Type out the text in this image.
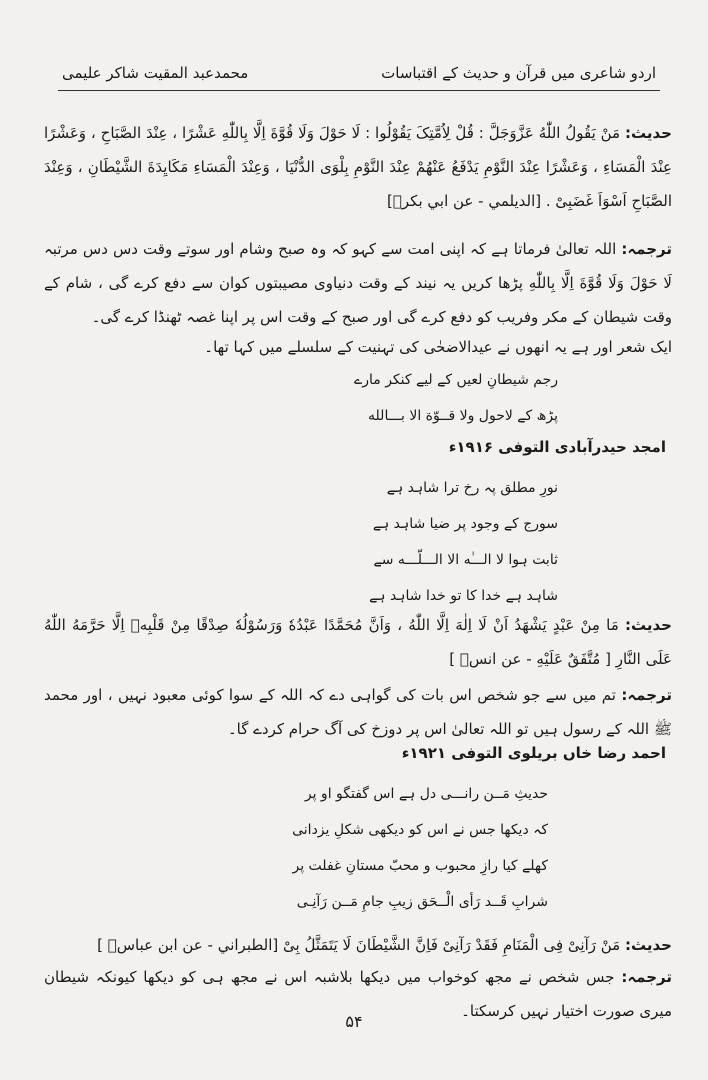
اردو شاعری میں قرآن و حدیث کے اقتباسات
محمدعبد المقیت شاکر علیمی
حدیث: مَنْ يَقُولُ اللّٰهُ عَزَّوَجَلَّ : قُلْ لِاُمَّتِکَ يَقُوْلُوا : لَا حَوْلَ وَلَا قُوَّةَ اِلَّا بِاللّٰهِ عَشْرًا ، عِنْدَ الصَّبَاحِ ، وَعَشْرًا عِنْدَ الْمَسَاءِ ، وَعَشْرًا عِنْدَ النَّوْمِ يَدْفَعُ عَنْهُمْ عِنْدَ النَّوْمِ بِلْوَى الدُّنْيَا ، وَعِنْدَ الْمَسَاءِ مَكَايِدَةَ الشَّيْطَانِ ، وَعِنْدَ الصَّبَاحِ اَسْوَاَ غَضَبِىْ . [الديلمي - عن ابي بكرؓ]
ترجمہ: اللہ تعالیٰ فرماتا ہے کہ اپنی امت سے کہو کہ وہ صبح وشام اور سوتے وقت دس دس مرتبہ لَا حَوْلَ وَلَا قُوَّةَ اِلَّا بِاللّٰهِ پڑھا کریں یہ نیند کے وقت دنیاوی مصیبتوں کوان سے دفع کرے گی ، شام کے وقت شیطان کے مکر وفریب کو دفع کرے گی اور صبح کے وقت اس پر اپنا غصہ ٹھنڈا کرے گی۔
ایک شعر اور ہے یہ انھوں نے عیدالاضحٰی کی تہنیت کے سلسلے میں کہا تھا۔
رجم شیطانِ لعیں کے لیے کنکر مارے
پڑھ کے لاحول ولا قــوّة الا بـــالله
امجد حیدرآبادی التوفی ۱۹۱۶ء
نورِ مطلق پہ رخ ترا شاہد ہے
سورج کے وجود پر ضیا شاہد ہے
ثابت ہوا لا الـــٰه الا الـــلّـــه سے
شاہد ہے خدا کا تو خدا شاہد ہے
حدیث: مَا مِنْ عَبْدٍ يَشْهَدُ اَنْ لَا اِلٰهَ اِلَّا اللّٰهُ ، وَاَنَّ مُحَمَّدًا عَبْدُهٗ وَرَسُوْلُهٗ صِدْقًا مِنْ قَلْبِهٖ اِلَّا حَرَّمَهُ اللّٰهُ عَلَى النَّارِ [ مُتَّفَقٌ عَلَيْهِ - عن انسؓ ]
ترجمہ: تم میں سے جو شخص اس بات کی گواہی دے کہ اللہ کے سوا کوئی معبود نہیں ، اور محمد ﷺ اللہ کے رسول ہیں تو اللہ تعالیٰ اس پر دوزخ کی آگ حرام کردے گا۔
احمد رضا خاں بریلوی التوفی ۱۹۲۱ء
حدیثِ مَــن رانـــی دل ہے اس گفتگو او پر
کہ دیکھا جس نے اس کو دیکھی شکلِ یزدانی
کھلے کیا رازِ محبوب و محبّ مستانِ غفلت پر
شرابِ قَــد رَأی الْــحَق زیبِ جامِ مَــن رَآنِـی
حدیث: مَنْ رَآنِىْ فِى الْمَنَامِ فَقَدْ رَآنِىْ فَاِنَّ الشَّيْطَانَ لَا يَتَمَثَّلُ بِىْ [الطبراني - عن ابن عباسؓ ]
ترجمہ: جس شخص نے مجھ کوخواب میں دیکھا بلاشبہ اس نے مجھ ہی کو دیکھا کیونکہ شیطان میری صورت اختیار نہیں کرسکتا۔
۵۴
